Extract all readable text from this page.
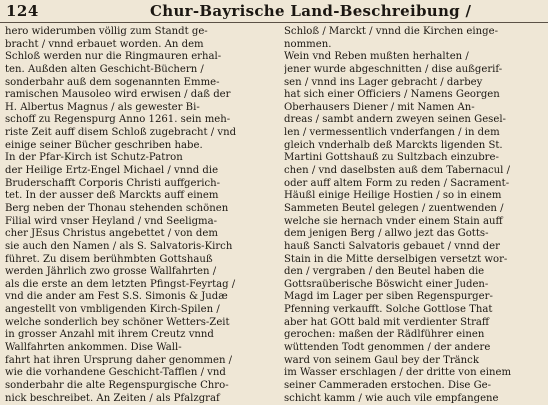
124	Chur-Bayrische Land-Beschreibung /
hero widerumben völlig zum Standt ge-
bracht / vnnd erbauet worden. An dem
Schloß werden nur die Ringmauren erhal-
ten. Außden alten Geschicht-Büchern /
sonderbahr auß dem sogenannten Emme-
ramischen Mausoleo wird erwisen / daß der
H. Albertus Magnus / als gewester Bi-
schoff zu Regenspurg Anno 1261. sein meh-
riste Zeit auff disem Schloß zugebracht / vnd
einige seiner Bücher geschriben habe.
In der Pfar-Kirch ist Schutz-Patron
der Heilige Ertz-Engel Michael / vnnd die
Bruderschafft Corporis Christi auffgerich-
tet. In der ausser deß Marckts auff einem
Berg neben der Thonau stehenden schönen
Filial wird vnser Heyland / vnd Seeligma-
cher JEsus Christus angebettet / von dem
sie auch den Namen / als S. Salvatoris-Kirch
führet. Zu disem berühmbten Gottshauß
werden Jährlich zwo grosse Wallfahrten /
als die erste an dem letzten Pfingst-Feyrtag /
vnd die ander am Fest S.S. Simonis & Judæ
angestellt von vmbligenden Kirch-Spilen /
welche sonderlich bey schöner Wetters-Zeit
in grosser Anzahl mit ihrem Creutz vnnd
Wallfahrten ankommen. Dise Wall-
fahrt hat ihren Ursprung daher genommen /
wie die vorhandene Geschicht-Tafflen / vnd
sonderbahr die alte Regenspurgische Chro-
nick beschreibet. An Zeiten / als Pfalzgraf
Schloß / Marckt / vnnd die Kirchen einge-
nommen.
Wein vnd Reben mußten herhalten /
jener wurde abgeschnitten / dise außgerif-
sen / vnnd ins Lager gebracht / darbey
hat sich einer Officiers / Namens Georgen
Oberhausers Diener / mit Namen An-
dreas / sambt andern zweyen seinen Gesel-
len / vermessentlich vnderfangen / in dem
gleich vnderhalb deß Marckts ligenden St.
Martini Gottshauß zu Sultzbach einzubre-
chen / vnd daselbsten auß dem Tabernacul /
oder auff altem Form zu reden / Sacrament-
Häußl einige Heilige Hostien / so in einem
Sammeten Beutel gelegen / zuentwenden /
welche sie hernach vnder einem Stain auff
dem jenigen Berg / allwo jezt das Gotts-
hauß Sancti Salvatoris gebauet / vnnd der
Stain in die Mitte derselbigen versetzt wor-
den / vergraben / den Beutel haben die
Gottsraüberische Böswicht einer Juden-
Magd im Lager per siben Regenspurger-
Pfenning verkaufft. Solche Gottlose That
aber hat GOtt bald mit verdienter Straff
gerochen: maßen der Rädlführer einen
wüttenden Todt genommen / der andere
ward von seinem Gaul bey der Tränck
im Wasser erschlagen / der dritte von einem
seiner Cammeraden erstochen. Dise Ge-
schicht kamm / wie auch vile empfangene
